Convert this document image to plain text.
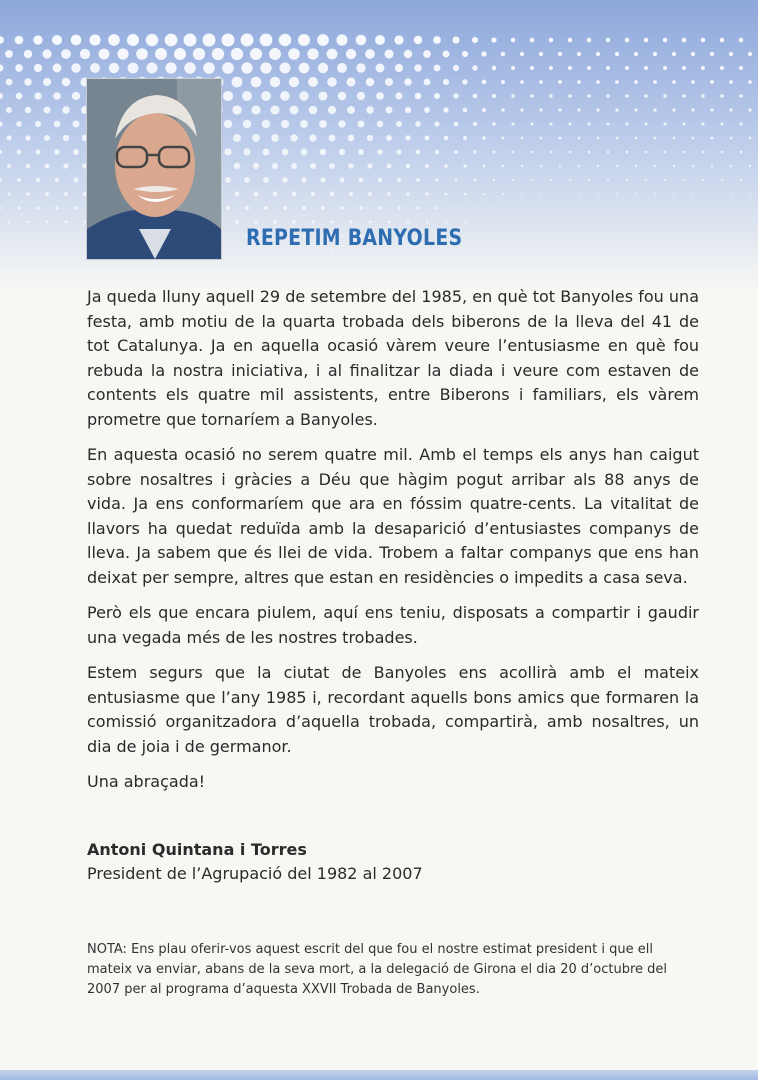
REPETIM BANYOLES

Ja queda lluny aquell 29 de setembre del 1985, en què tot Banyoles fou una festa, amb motiu de la quarta trobada dels biberons de la lleva del 41 de tot Catalunya. Ja en aquella ocasió vàrem veure l’entusiasme en què fou rebuda la nostra iniciativa, i al finalitzar la diada i veure com estaven de contents els quatre mil assistents, entre Biberons i familiars, els vàrem prometre que tornaríem a Banyoles.

En aquesta ocasió no serem quatre mil. Amb el temps els anys han caigut sobre nosaltres i gràcies a Déu que hàgim pogut arribar als 88 anys de vida. Ja ens conformaríem que ara en fóssim quatre-cents. La vitalitat de llavors ha quedat reduïda amb la desaparició d’entusiastes companys de lleva. Ja sabem que és llei de vida. Trobem a faltar companys que ens han deixat per sempre, altres que estan en residències o impedits a casa seva.

Però els que encara piulem, aquí ens teniu, disposats a compartir i gaudir una vegada més de les nostres trobades.

Estem segurs que la ciutat de Banyoles ens acollirà amb el mateix entusiasme que l’any 1985 i, recordant aquells bons amics que formaren la comissió organitzadora d’aquella trobada, compartirà, amb nosaltres, un dia de joia i de germanor.

Una abraçada!

Antoni Quintana i Torres
President de l’Agrupació del 1982 al 2007
NOTA: Ens plau oferir-vos aquest escrit del que fou el nostre estimat president i que ell mateix va enviar, abans de la seva mort, a la delegació de Girona el dia 20 d’octubre del 2007 per al programa d’aquesta XXVII Trobada de Banyoles.
